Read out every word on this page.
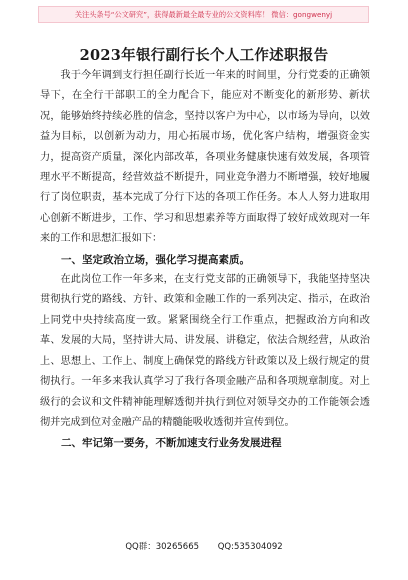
关注头条号“公文研究”，获得最新最全最专业的公文资料库！ 微信：gongwenyj
2023年银行副行长个人工作述职报告

我于今年调到支行担任副行长近一年来的时间里，分行党委的正确领导下，在全行干部职工的全力配合下，能应对不断变化的新形势、新状况，能够始终持续必胜的信念，坚持以客户为中心，以市场为导向，以效益为目标，以创新为动力，用心拓展市场，优化客户结构，增强资金实力，提高资产质量，深化内部改革，各项业务健康快速有效发展，各项管理水平不断提高，经营效益不断提升，同业竞争潜力不断增强，较好地履行了岗位职责，基本完成了分行下达的各项工作任务。本人人努力进取用心创新不断进步，工作、学习和思想素养等方面取得了较好成效现对一年来的工作和思想汇报如下：

一、坚定政治立场，强化学习提高素质。

在此岗位工作一年多来，在支行党支部的正确领导下，我能坚持坚决贯彻执行党的路线、方针、政策和金融工作的一系列决定、指示，在政治上同党中央持续高度一致。紧紧围绕全行工作重点，把握政治方向和改革、发展的大局，坚持讲大局、讲发展、讲稳定，依法合规经营，从政治上、思想上、工作上、制度上确保党的路线方针政策以及上级行规定的贯彻执行。一年多来我认真学习了我行各项金融产品和各项规章制度。对上级行的会议和文件精神能理解透彻并执行到位对领导交办的工作能领会透彻并完成到位对金融产品的精髓能吸收透彻并宣传到位。

二、牢记第一要务，不断加速支行业务发展进程
QQ群：30265665 QQ:535304092
